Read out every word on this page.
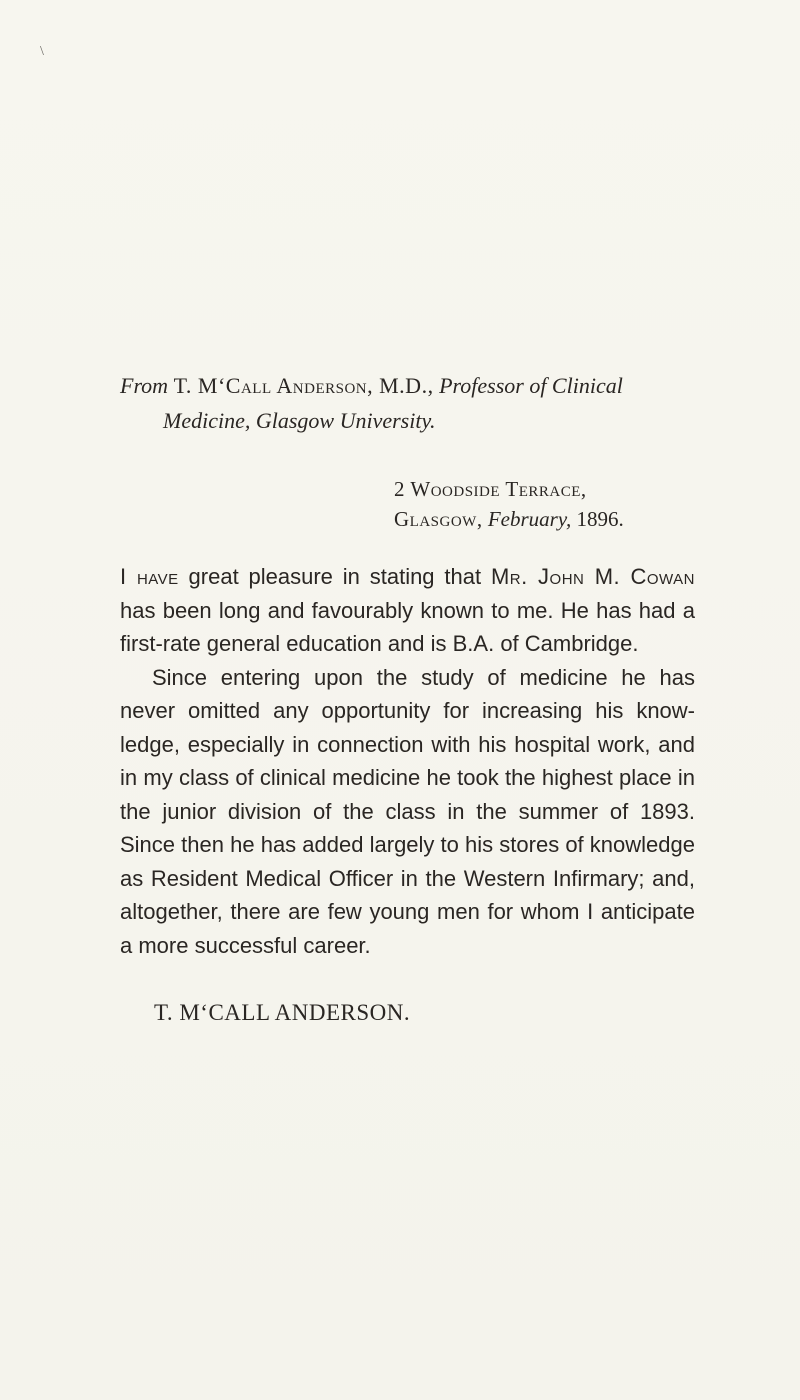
\
From T. M‘Call Anderson, M.D., Professor of Clinical
Medicine, Glasgow University.
2 Woodside Terrace,
Glasgow, February, 1896.

I have great pleasure in stating that Mr. John M. Cowan has been long and favourably known to me. He has had a first-rate general education and is B.A. of Cambridge.

Since entering upon the study of medicine he has never omitted any opportunity for increasing his know-ledge, especially in connection with his hospital work, and in my class of clinical medicine he took the highest place in the junior division of the class in the summer of 1893. Since then he has added largely to his stores of knowledge as Resident Medical Officer in the Western Infirmary; and, altogether, there are few young men for whom I anticipate a more successful career.

T. M‘CALL ANDERSON.
